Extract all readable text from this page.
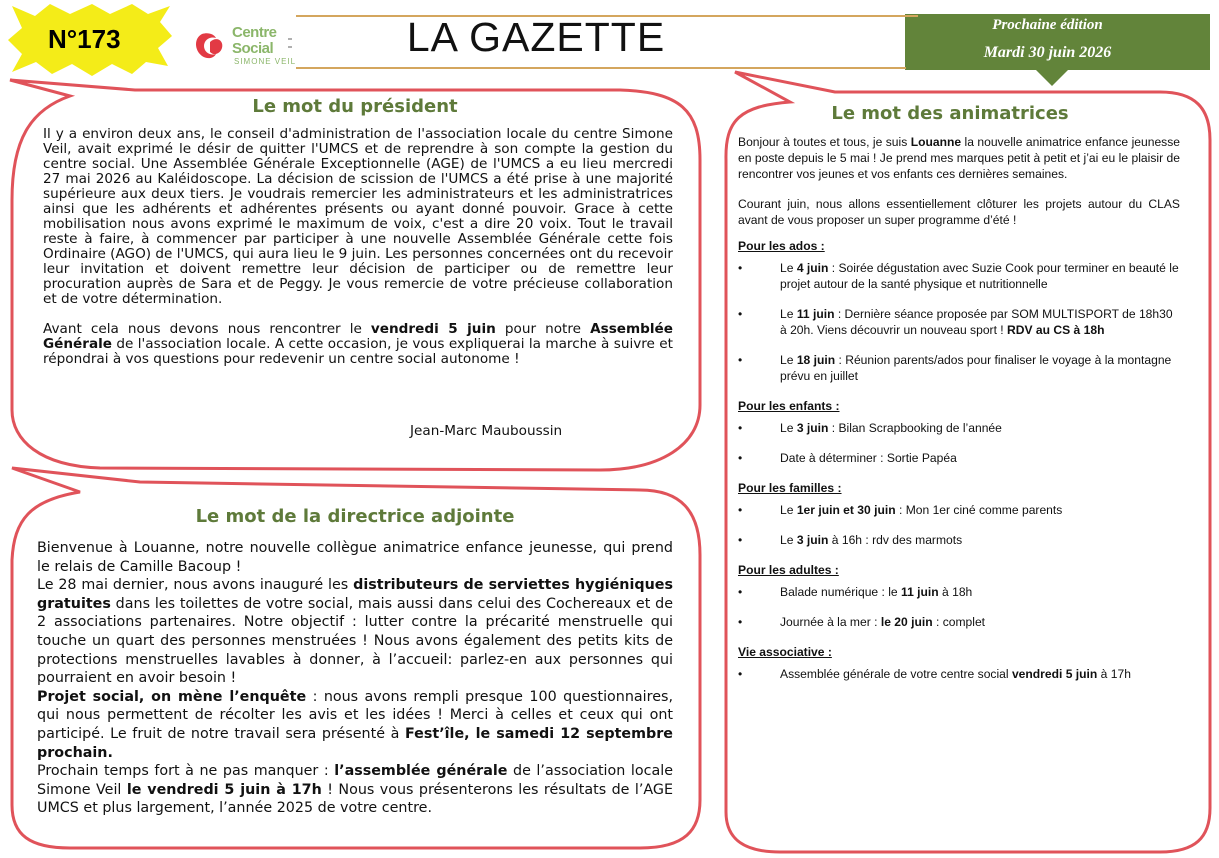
N°173	Centre
Social
SIMONE VEIL
LA GAZETTE	Prochaine édition
Mardi 30 juin 2026
Le mot du président

Il y a environ deux ans, le conseil d'administration de l'association locale du centre Simone Veil, avait exprimé le désir de quitter l'UMCS et de reprendre à son compte la gestion du centre social. Une Assemblée Générale Exceptionnelle (AGE) de l'UMCS a eu lieu mercredi 27 mai 2026 au Kaléidoscope. La décision de scission de l'UMCS a été prise à une majorité supérieure aux deux tiers. Je voudrais remercier les administrateurs et les administratrices ainsi que les adhérents et adhérentes présents ou ayant donné pouvoir. Grace à cette mobilisation nous avons exprimé le maximum de voix, c'est a dire 20 voix. Tout le travail reste à faire, à commencer par participer à une nouvelle Assemblée Générale cette fois Ordinaire (AGO) de l'UMCS, qui aura lieu le 9 juin. Les personnes concernées ont du recevoir leur invitation et doivent remettre leur décision de participer ou de remettre leur procuration auprès de Sara et de Peggy. Je vous remercie de votre précieuse collaboration et de votre détermination.

Avant cela nous devons nous rencontrer le vendredi 5 juin pour notre Assemblée Générale de l'association locale. A cette occasion, je vous expliquerai la marche à suivre et répondrai à vos questions pour redevenir un centre social autonome !

Jean-Marc Mauboussin
Le mot de la directrice adjointe

Bienvenue à Louanne, notre nouvelle collègue animatrice enfance jeunesse, qui prend le relais de Camille Bacoup !

Le 28 mai dernier, nous avons inauguré les distributeurs de serviettes hygiéniques gratuites dans les toilettes de votre social, mais aussi dans celui des Cochereaux et de 2 associations partenaires. Notre objectif : lutter contre la précarité menstruelle qui touche un quart des personnes menstruées ! Nous avons également des petits kits de protections menstruelles lavables à donner, à l’accueil: parlez-en aux personnes qui pourraient en avoir besoin !

Projet social, on mène l’enquête : nous avons rempli presque 100 questionnaires, qui nous permettent de récolter les avis et les idées ! Merci à celles et ceux qui ont participé. Le fruit de notre travail sera présenté à Fest’île, le samedi 12 septembre prochain.

Prochain temps fort à ne pas manquer : l’assemblée générale de l’association locale Simone Veil le vendredi 5 juin à 17h ! Nous vous présenterons les résultats de l’AGE UMCS et plus largement, l’année 2025 de votre centre.

Le mot des animatrices

Bonjour à toutes et tous, je suis Louanne la nouvelle animatrice enfance jeunesse en poste depuis le 5 mai ! Je prend mes marques petit à petit et j’ai eu le plaisir de rencontrer vos jeunes et vos enfants ces dernières semaines.

Courant juin, nous allons essentiellement clôturer les projets autour du CLAS avant de vous proposer un super programme d’été !

Pour les ados :

• Le 4 juin : Soirée dégustation avec Suzie Cook pour terminer en beauté le projet autour de la santé physique et nutritionnelle
• Le 11 juin : Dernière séance proposée par SOM MULTISPORT de 18h30 à 20h. Viens découvrir un nouveau sport ! RDV au CS à 18h
• Le 18 juin : Réunion parents/ados pour finaliser le voyage à la montagne prévu en juillet

Pour les enfants :

• Le 3 juin : Bilan Scrapbooking de l’année
• Date à déterminer : Sortie Papéa

Pour les familles :

• Le 1er juin et 30 juin : Mon 1er ciné comme parents
• Le 3 juin à 16h : rdv des marmots

Pour les adultes :

• Balade numérique : le 11 juin à 18h
• Journée à la mer : le 20 juin : complet

Vie associative :

• Assemblée générale de votre centre social vendredi 5 juin à 17h
